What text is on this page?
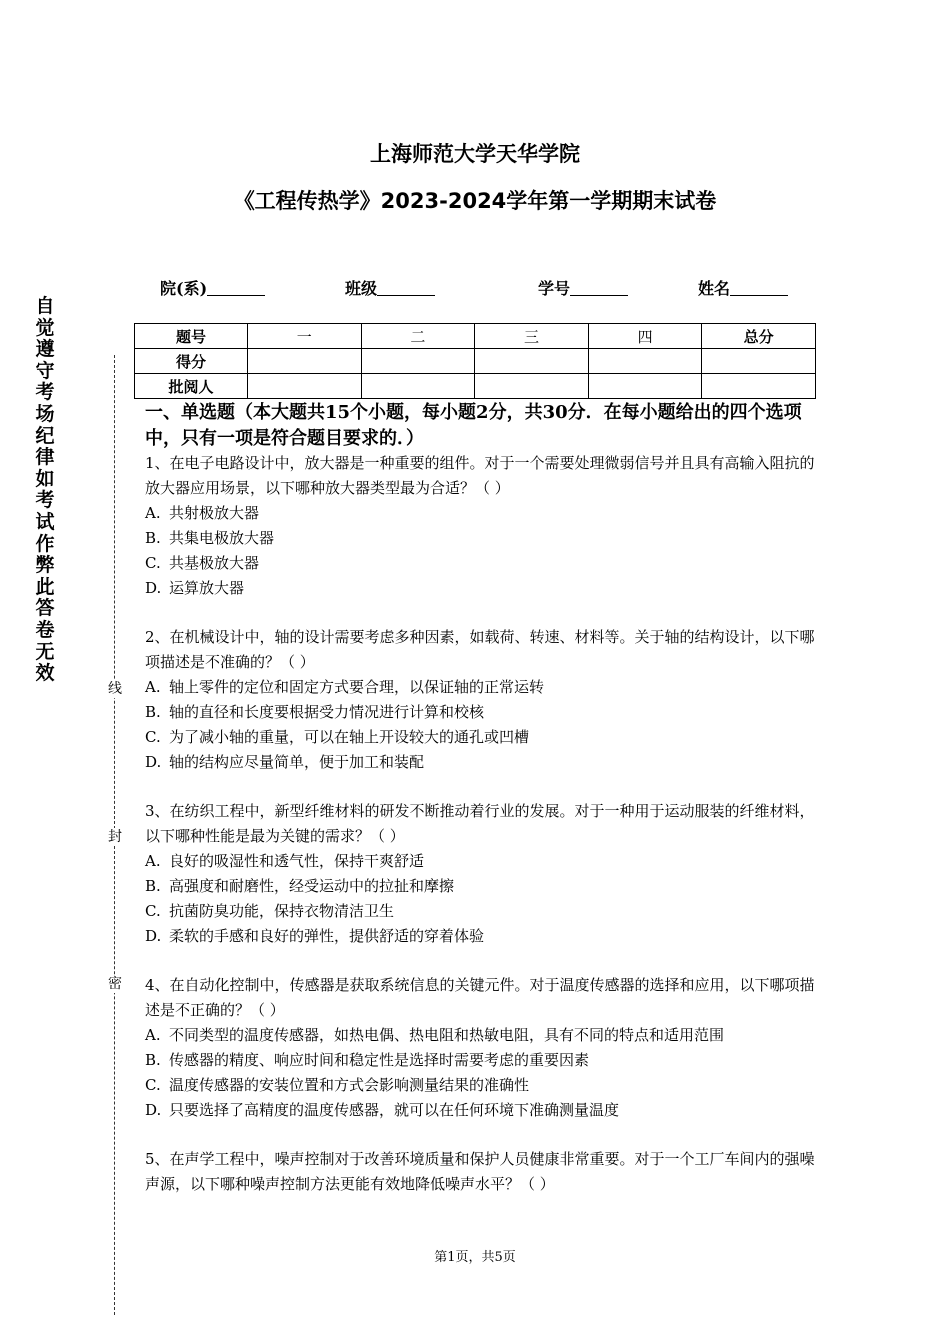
自
觉
遵
守
考
场
纪
律
如
考
试
作
弊
此
答
卷
无
效
线
封
密
上海师范大学天华学院
《工程传热学》2023-2024学年第一学期期末试卷
院(系)	班级	学号	姓名
题号	一	二	三	四	总分
得分					
批阅人					
一、单选题（本大题共15个小题，每小题2分，共30分．在每小题给出的四个选项中，只有一项是符合题目要求的．）

1、在电子电路设计中，放大器是一种重要的组件。对于一个需要处理微弱信号并且具有高输入阻抗的放大器应用场景，以下哪种放大器类型最为合适？（ ）

A. 共射极放大器
B. 共集电极放大器
C. 共基极放大器
D. 运算放大器

2、在机械设计中，轴的设计需要考虑多种因素，如载荷、转速、材料等。关于轴的结构设计，以下哪项描述是不准确的？（ ）

A. 轴上零件的定位和固定方式要合理，以保证轴的正常运转
B. 轴的直径和长度要根据受力情况进行计算和校核
C. 为了减小轴的重量，可以在轴上开设较大的通孔或凹槽
D. 轴的结构应尽量简单，便于加工和装配

3、在纺织工程中，新型纤维材料的研发不断推动着行业的发展。对于一种用于运动服装的纤维材料，以下哪种性能是最为关键的需求？（ ）

A. 良好的吸湿性和透气性，保持干爽舒适
B. 高强度和耐磨性，经受运动中的拉扯和摩擦
C. 抗菌防臭功能，保持衣物清洁卫生
D. 柔软的手感和良好的弹性，提供舒适的穿着体验

4、在自动化控制中，传感器是获取系统信息的关键元件。对于温度传感器的选择和应用，以下哪项描述是不正确的？（ ）

A. 不同类型的温度传感器，如热电偶、热电阻和热敏电阻，具有不同的特点和适用范围
B. 传感器的精度、响应时间和稳定性是选择时需要考虑的重要因素
C. 温度传感器的安装位置和方式会影响测量结果的准确性
D. 只要选择了高精度的温度传感器，就可以在任何环境下准确测量温度

5、在声学工程中，噪声控制对于改善环境质量和保护人员健康非常重要。对于一个工厂车间内的强噪声源，以下哪种噪声控制方法更能有效地降低噪声水平？（ ）

第1页，共5页
